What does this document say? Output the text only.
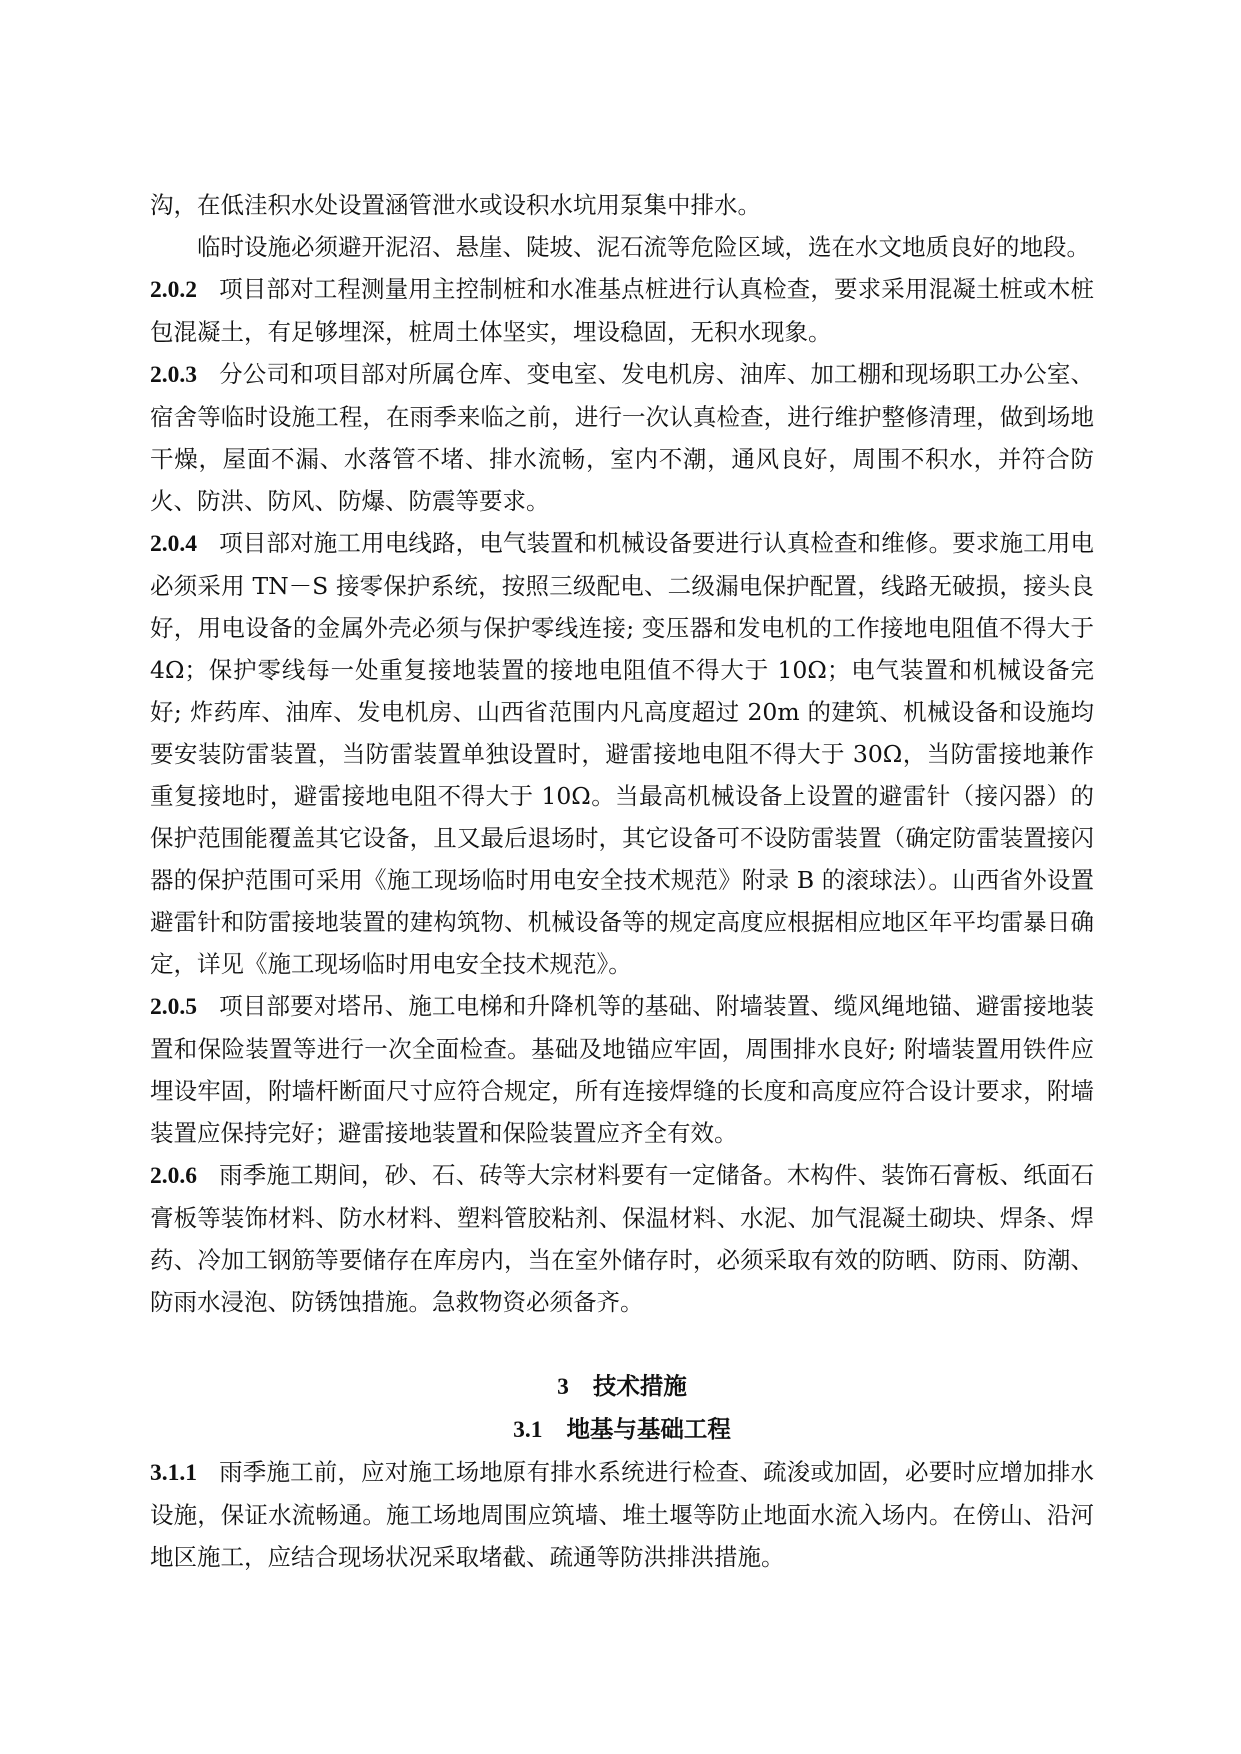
沟，在低洼积水处设置涵管泄水或设积水坑用泵集中排水。

临时设施必须避开泥沼、悬崖、陡坡、泥石流等危险区域，选在水文地质良好的地段。

2.0.2 项目部对工程测量用主控制桩和水准基点桩进行认真检查，要求采用混凝土桩或木桩包混凝土，有足够埋深，桩周土体坚实，埋设稳固，无积水现象。

2.0.3 分公司和项目部对所属仓库、变电室、发电机房、油库、加工棚和现场职工办公室、宿舍等临时设施工程，在雨季来临之前，进行一次认真检查，进行维护整修清理，做到场地干燥，屋面不漏、水落管不堵、排水流畅，室内不潮，通风良好，周围不积水，并符合防火、防洪、防风、防爆、防震等要求。

2.0.4 项目部对施工用电线路，电气装置和机械设备要进行认真检查和维修。要求施工用电必须采用 TN－S 接零保护系统，按照三级配电、二级漏电保护配置，线路无破损，接头良好，用电设备的金属外壳必须与保护零线连接; 变压器和发电机的工作接地电阻值不得大于 4Ω；保护零线每一处重复接地装置的接地电阻值不得大于 10Ω；电气装置和机械设备完好; 炸药库、油库、发电机房、山西省范围内凡高度超过 20m 的建筑、机械设备和设施均要安装防雷装置，当防雷装置单独设置时，避雷接地电阻不得大于 30Ω，当防雷接地兼作重复接地时，避雷接地电阻不得大于 10Ω。当最高机械设备上设置的避雷针（接闪器）的保护范围能覆盖其它设备，且又最后退场时，其它设备可不设防雷装置（确定防雷装置接闪器的保护范围可采用《施工现场临时用电安全技术规范》附录 B 的滚球法）。山西省外设置避雷针和防雷接地装置的建构筑物、机械设备等的规定高度应根据相应地区年平均雷暴日确定，详见《施工现场临时用电安全技术规范》。

2.0.5 项目部要对塔吊、施工电梯和升降机等的基础、附墙装置、缆风绳地锚、避雷接地装置和保险装置等进行一次全面检查。基础及地锚应牢固，周围排水良好; 附墙装置用铁件应埋设牢固，附墙杆断面尺寸应符合规定，所有连接焊缝的长度和高度应符合设计要求，附墙装置应保持完好；避雷接地装置和保险装置应齐全有效。

2.0.6 雨季施工期间，砂、石、砖等大宗材料要有一定储备。木构件、装饰石膏板、纸面石膏板等装饰材料、防水材料、塑料管胶粘剂、保温材料、水泥、加气混凝土砌块、焊条、焊药、冷加工钢筋等要储存在库房内，当在室外储存时，必须采取有效的防晒、防雨、防潮、防雨水浸泡、防锈蚀措施。急救物资必须备齐。

3 技术措施
3.1 地基与基础工程

3.1.1 雨季施工前，应对施工场地原有排水系统进行检查、疏浚或加固，必要时应增加排水设施，保证水流畅通。施工场地周围应筑墙、堆土堰等防止地面水流入场内。在傍山、沿河地区施工，应结合现场状况采取堵截、疏通等防洪排洪措施。
